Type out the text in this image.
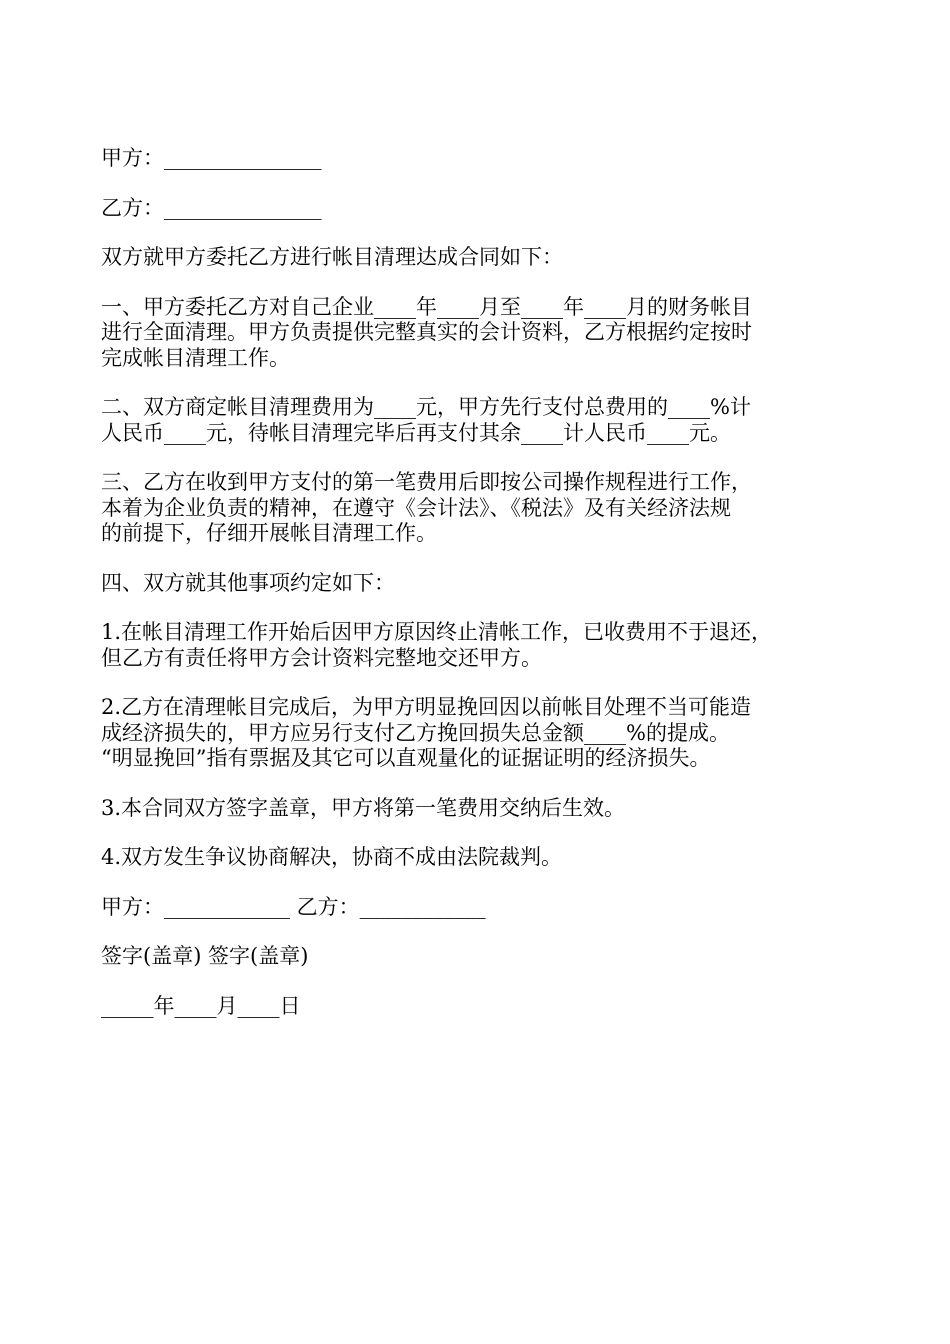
甲方：_______________

乙方：_______________

双方就甲方委托乙方进行帐目清理达成合同如下：

一、甲方委托乙方对自己企业____年____月至____年____月的财务帐目
进行全面清理。甲方负责提供完整真实的会计资料，乙方根据约定按时
完成帐目清理工作。

二、双方商定帐目清理费用为____元，甲方先行支付总费用的____%计
人民币____元，待帐目清理完毕后再支付其余____计人民币____元。

三、乙方在收到甲方支付的第一笔费用后即按公司操作规程进行工作，
本着为企业负责的精神，在遵守《会计法》、《税法》及有关经济法规
的前提下，仔细开展帐目清理工作。

四、双方就其他事项约定如下：

1.在帐目清理工作开始后因甲方原因终止清帐工作，已收费用不于退还，
但乙方有责任将甲方会计资料完整地交还甲方。

2.乙方在清理帐目完成后，为甲方明显挽回因以前帐目处理不当可能造
成经济损失的，甲方应另行支付乙方挽回损失总金额____%的提成。
“明显挽回”指有票据及其它可以直观量化的证据证明的经济损失。

3.本合同双方签字盖章，甲方将第一笔费用交纳后生效。

4.双方发生争议协商解决，协商不成由法院裁判。

甲方：____________ 乙方：____________

签字(盖章) 签字(盖章)

_____年____月____日
